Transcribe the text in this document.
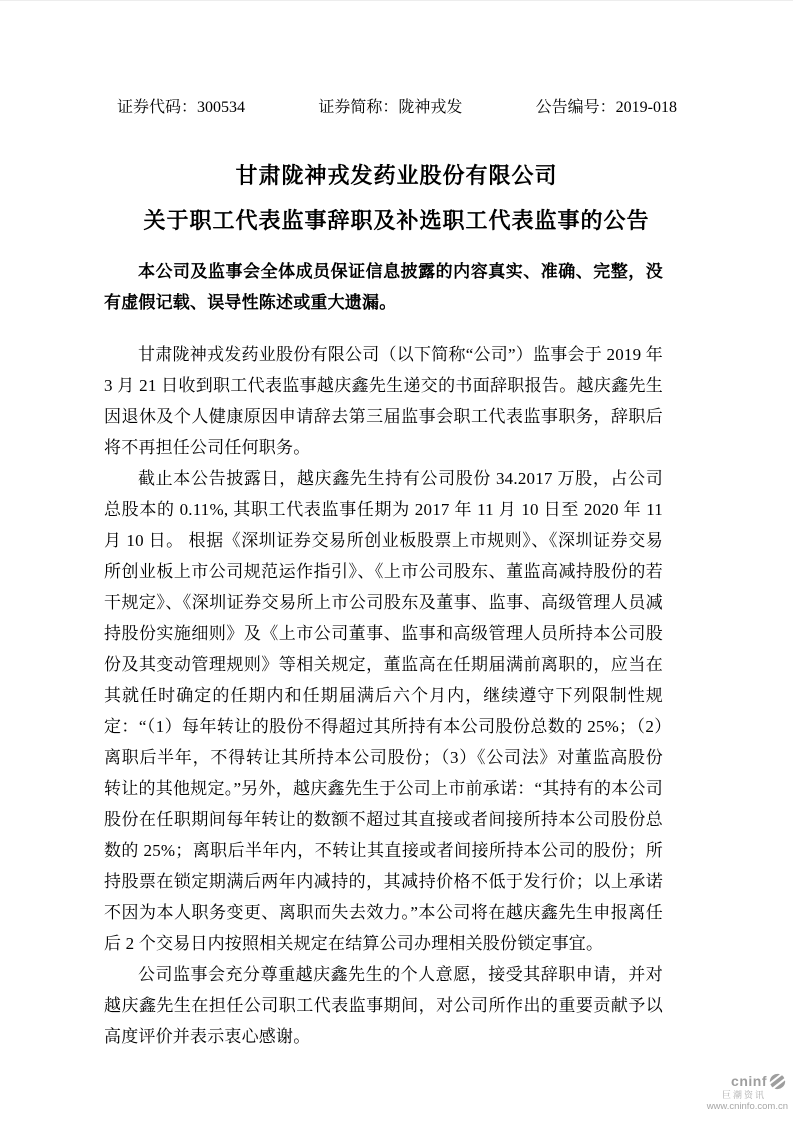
证券代码：300534	证券简称：陇神戎发	公告编号：2019-018
甘肃陇神戎发药业股份有限公司
关于职工代表监事辞职及补选职工代表监事的公告

本公司及监事会全体成员保证信息披露的内容真实、准确、完整，没有虚假记载、误导性陈述或重大遗漏。

甘肃陇神戎发药业股份有限公司（以下简称“公司”）监事会于 2019 年 3 月 21 日收到职工代表监事越庆鑫先生递交的书面辞职报告。越庆鑫先生因退休及个人健康原因申请辞去第三届监事会职工代表监事职务，辞职后将不再担任公司任何职务。

截止本公告披露日，越庆鑫先生持有公司股份 34.2017 万股，占公司总股本的 0.11%, 其职工代表监事任期为 2017 年 11 月 10 日至 2020 年 11 月 10 日。 根据《深圳证券交易所创业板股票上市规则》、《深圳证券交易所创业板上市公司规范运作指引》、《上市公司股东、董监高减持股份的若干规定》、《深圳证券交易所上市公司股东及董事、监事、高级管理人员减持股份实施细则》及《上市公司董事、监事和高级管理人员所持本公司股份及其变动管理规则》等相关规定，董监高在任期届满前离职的，应当在其就任时确定的任期内和任期届满后六个月内，继续遵守下列限制性规定：“（1）每年转让的股份不得超过其所持有本公司股份总数的 25%；（2）离职后半年，不得转让其所持本公司股份；（3）《公司法》对董监高股份转让的其他规定。”另外，越庆鑫先生于公司上市前承诺：“其持有的本公司股份在任职期间每年转让的数额不超过其直接或者间接所持本公司股份总数的 25%；离职后半年内，不转让其直接或者间接所持本公司的股份；所持股票在锁定期满后两年内减持的，其减持价格不低于发行价；以上承诺不因为本人职务变更、离职而失去效力。”本公司将在越庆鑫先生申报离任后 2 个交易日内按照相关规定在结算公司办理相关股份锁定事宜。

公司监事会充分尊重越庆鑫先生的个人意愿，接受其辞职申请，并对越庆鑫先生在担任公司职工代表监事期间，对公司所作出的重要贡献予以高度评价并表示衷心感谢。

cninf
巨潮资讯
www.cninfo.com.cn
